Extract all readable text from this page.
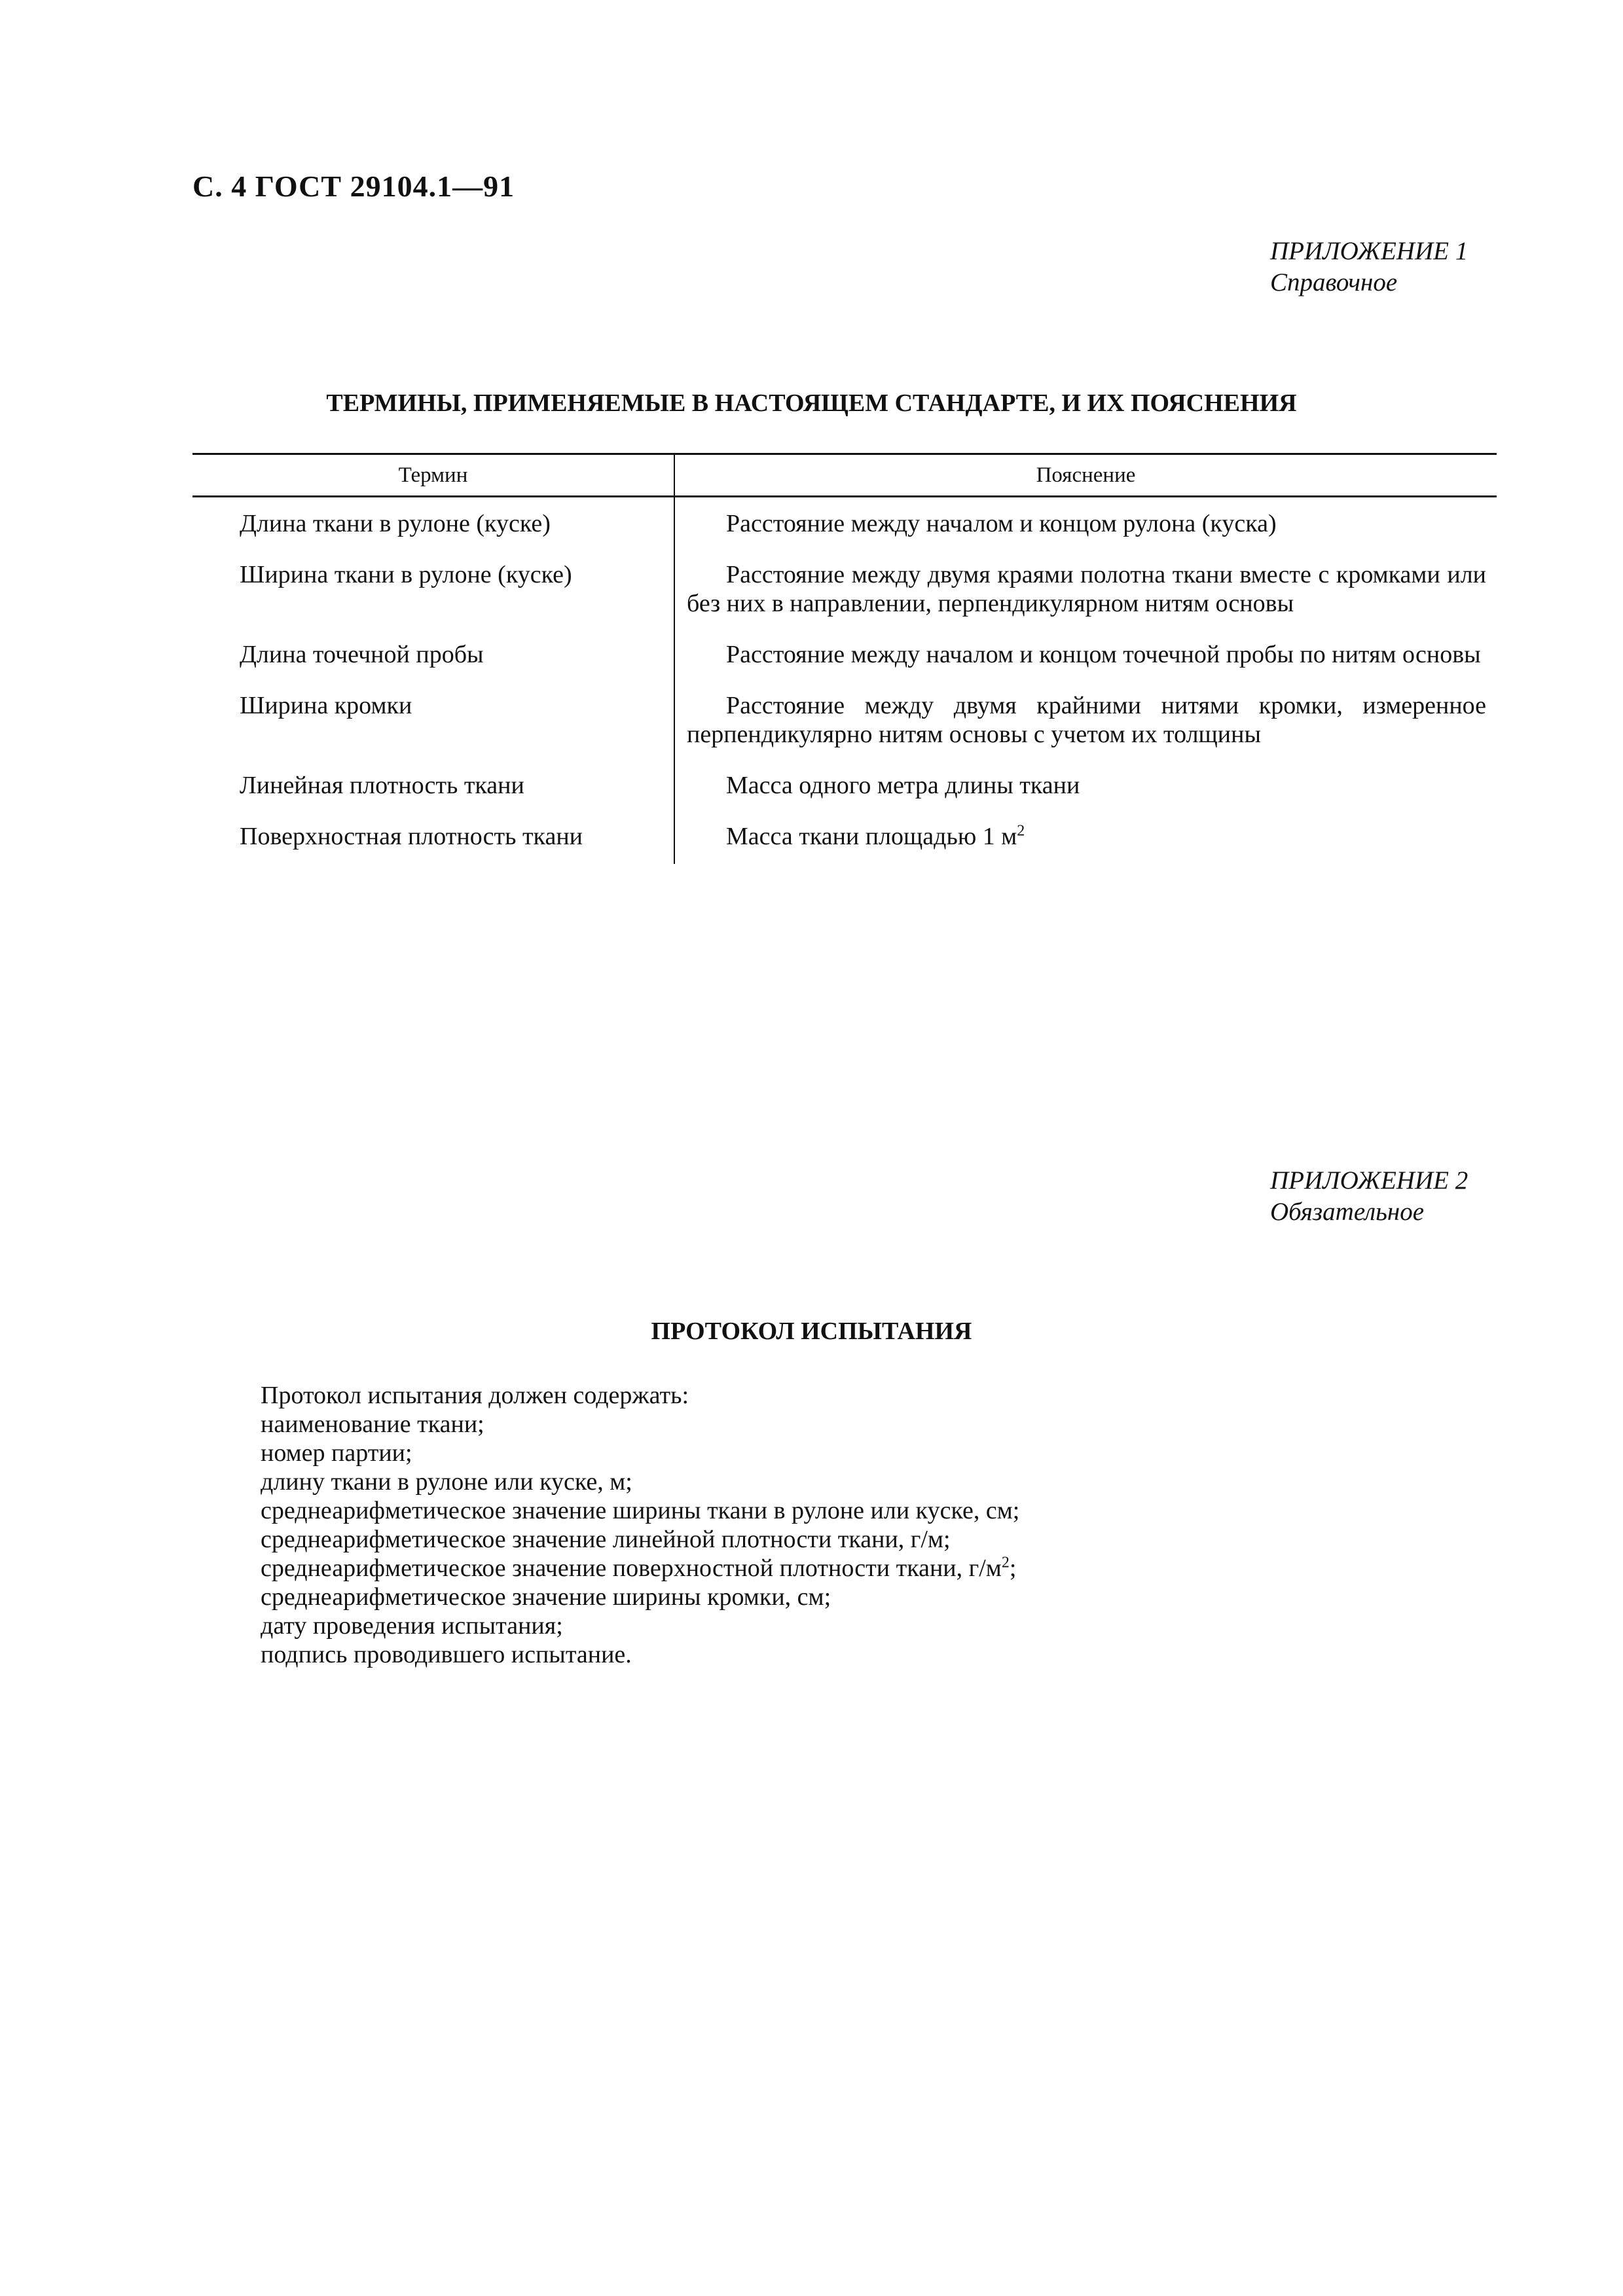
С. 4 ГОСТ 29104.1—91
ПРИЛОЖЕНИЕ 1
Справочное
ТЕРМИНЫ, ПРИМЕНЯЕМЫЕ В НАСТОЯЩЕМ СТАНДАРТЕ, И ИХ ПОЯСНЕНИЯ
Термин	Пояснение
Длина ткани в рулоне (куске)	Расстояние между началом и концом рулона (куска)
Ширина ткани в рулоне (куске)	Расстояние между двумя краями полотна ткани вместе с кромками или без них в направлении, перпендикулярном нитям основы
Длина точечной пробы	Расстояние между началом и концом точечной пробы по нитям основы
Ширина кромки	Расстояние между двумя крайними нитями кромки, измеренное перпендикулярно нитям основы с учетом их толщины
Линейная плотность ткани	Масса одного метра длины ткани
Поверхностная плотность ткани	Масса ткани площадью 1 $м^2$
ПРИЛОЖЕНИЕ 2
Обязательное
ПРОТОКОЛ ИСПЫТАНИЯ
Протокол испытания должен содержать:
наименование ткани;
номер партии;
длину ткани в рулоне или куске, м;
среднеарифметическое значение ширины ткани в рулоне или куске, см;
среднеарифметическое значение линейной плотности ткани, г/м;
среднеарифметическое значение поверхностной плотности ткани, $г/м^2$;
среднеарифметическое значение ширины кромки, см;
дату проведения испытания;
подпись проводившего испытание.
